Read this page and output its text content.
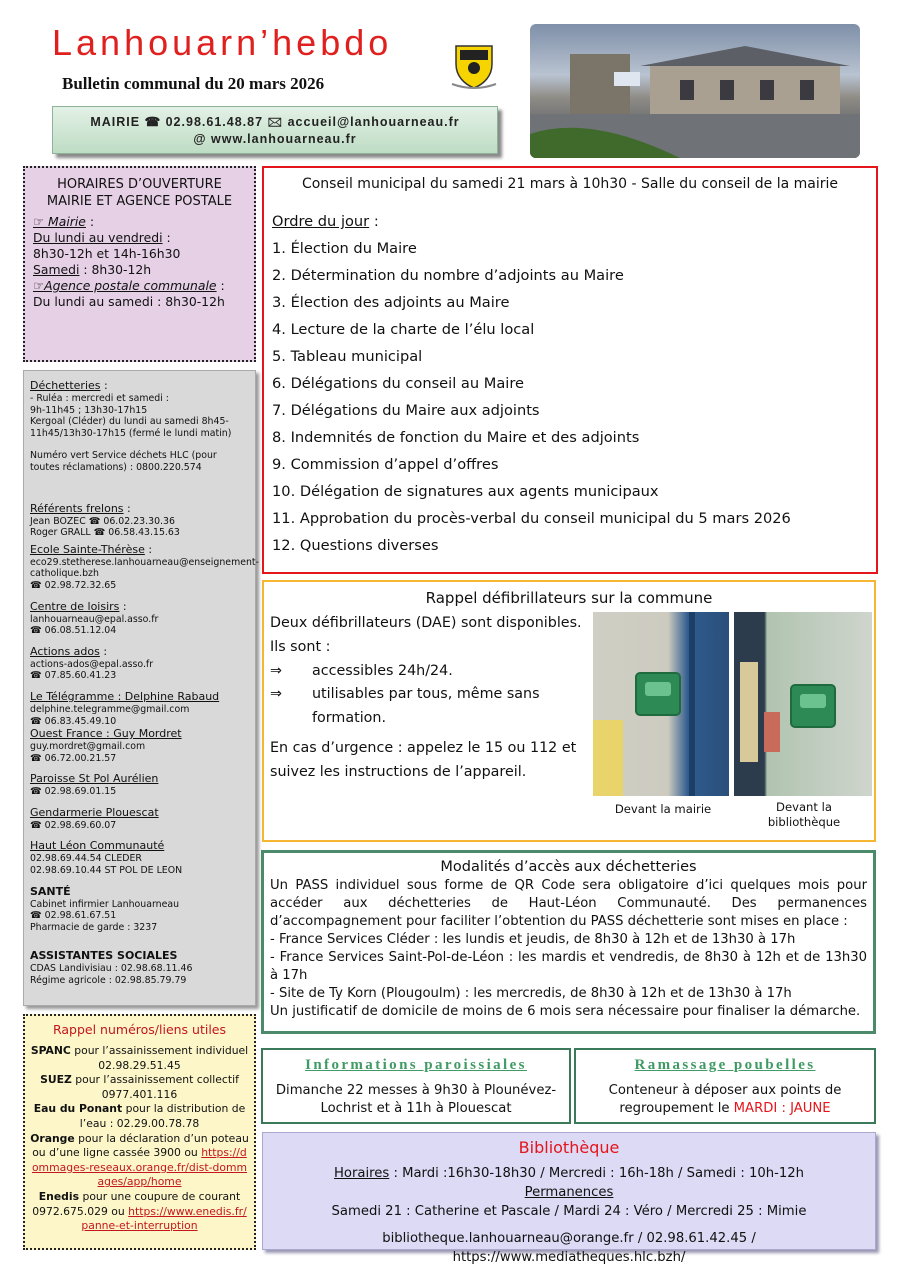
Lanhouarn’hebdo
Bulletin communal du 20 mars 2026
MAIRIE ☎ 02.98.61.48.87 🖂 accueil@lanhouarneau.fr
@ www.lanhouarneau.fr
HORAIRES D’OUVERTURE MAIRIE ET AGENCE POSTALE
☞ Mairie :
Du lundi au vendredi :
8h30-12h et 14h-16h30
Samedi : 8h30-12h
☞Agence postale communale :
Du lundi au samedi : 8h30-12h
Déchetteries :
- Ruléa : mercredi et samedi :
9h-11h45 ; 13h30-17h15
Kergoal (Cléder) du lundi au samedi 8h45-11h45/13h30-17h15 (fermé le lundi matin)
Numéro vert Service déchets HLC (pour toutes réclamations) : 0800.220.574
Référents frelons :
Jean BOZEC ☎ 06.02.23.30.36
Roger GRALL ☎ 06.58.43.15.63
Ecole Sainte-Thérèse :
eco29.stetherese.lanhouarneau@enseignement-catholique.bzh
☎ 02.98.72.32.65
Centre de loisirs :
lanhouarneau@epal.asso.fr
☎ 06.08.51.12.04
Actions ados :
actions-ados@epal.asso.fr
☎ 07.85.60.41.23
Le Télégramme : Delphine Rabaud
delphine.telegramme@gmail.com
☎ 06.83.45.49.10
Ouest France : Guy Mordret
guy.mordret@gmail.com
☎ 06.72.00.21.57
Paroisse St Pol Aurélien
☎ 02.98.69.01.15
Gendarmerie Plouescat
☎ 02.98.69.60.07
Haut Léon Communauté
02.98.69.44.54 CLEDER
02.98.69.10.44 ST POL DE LEON
SANTÉ
Cabinet infirmier Lanhouarneau
☎ 02.98.61.67.51
Pharmacie de garde : 3237
ASSISTANTES SOCIALES
CDAS Landivisiau : 02.98.68.11.46
Régime agricole : 02.98.85.79.79
Rappel numéros/liens utiles
SPANC pour l’assainissement individuel 02.98.29.51.45
SUEZ pour l’assainissement collectif 0977.401.116
Eau du Ponant pour la distribution de l’eau : 02.29.00.78.78
Orange pour la déclaration d’un poteau ou d’une ligne cassée 3900 ou https://dommages-reseaux.orange.fr/dist-dommages/app/home
Enedis pour une coupure de courant 0972.675.029 ou https://www.enedis.fr/panne-et-interruption
Conseil municipal du samedi 21 mars à 10h30 - Salle du conseil de la mairie
Ordre du jour :
1. Élection du Maire
2. Détermination du nombre d’adjoints au Maire
3. Élection des adjoints au Maire
4. Lecture de la charte de l’élu local
5. Tableau municipal
6. Délégations du conseil au Maire
7. Délégations du Maire aux adjoints
8. Indemnités de fonction du Maire et des adjoints
9. Commission d’appel d’offres
10. Délégation de signatures aux agents municipaux
11. Approbation du procès-verbal du conseil municipal du 5 mars 2026
12. Questions diverses
Rappel défibrillateurs sur la commune
Deux défibrillateurs (DAE) sont disponibles.
Ils sont :
⇒	accessibles 24h/24.
⇒	utilisables par tous, même sans formation.
En cas d’urgence : appelez le 15 ou 112 et suivez les instructions de l’appareil.
Devant la mairie	Devant la bibliothèque
Modalités d’accès aux déchetteries
Un PASS individuel sous forme de QR Code sera obligatoire d’ici quelques mois pour accéder aux déchetteries de Haut-Léon Communauté. Des permanences d’accompagnement pour faciliter l’obtention du PASS déchetterie sont mises en place :
- France Services Cléder : les lundis et jeudis, de 8h30 à 12h et de 13h30 à 17h
- France Services Saint-Pol-de-Léon : les mardis et vendredis, de 8h30 à 12h et de 13h30 à 17h
- Site de Ty Korn (Plougoulm) : les mercredis, de 8h30 à 12h et de 13h30 à 17h
Un justificatif de domicile de moins de 6 mois sera nécessaire pour finaliser la démarche.
Informations paroissiales
Dimanche 22 messes à 9h30 à Plounévez-Lochrist et à 11h à Plouescat
Ramassage poubelles
Conteneur à déposer aux points de regroupement le MARDI : JAUNE
Bibliothèque
Horaires : Mardi :16h30-18h30 / Mercredi : 16h-18h / Samedi : 10h-12h
Permanences
Samedi 21 : Catherine et Pascale / Mardi 24 : Véro / Mercredi 25 : Mimie
bibliotheque.lanhouarneau@orange.fr / 02.98.61.42.45 / https://www.mediatheques.hlc.bzh/
